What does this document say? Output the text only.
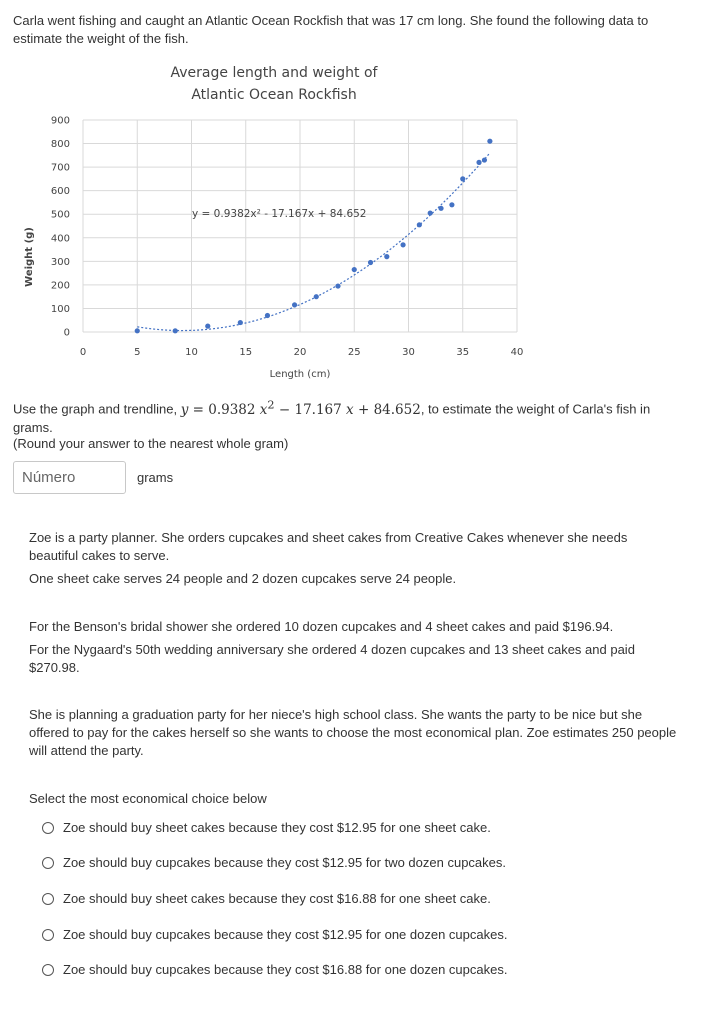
Carla went fishing and caught an Atlantic Ocean Rockfish that was 17 cm long. She found the following data to estimate the weight of the fish.
Average length and weight of
Atlantic Ocean Rockfish
0
100
200
300
400
500
600
700
800
900
0	5	10	15	20	25	30	35	40
y = 0.9382x² - 17.167x + 84.652
Length (cm)
Weight (g)
Use the graph and trendline, y = 0.9382 $x^2 - 17.167$ x + 84.652, to estimate the weight of Carla's fish in grams.
(Round your answer to the nearest whole gram)
Número
grams
Zoe is a party planner. She orders cupcakes and sheet cakes from Creative Cakes whenever she needs beautiful cakes to serve.
One sheet cake serves 24 people and 2 dozen cupcakes serve 24 people.
For the Benson's bridal shower she ordered 10 dozen cupcakes and 4 sheet cakes and paid $196.94.
For the Nygaard's 50th wedding anniversary she ordered 4 dozen cupcakes and 13 sheet cakes and paid $270.98.
She is planning a graduation party for her niece's high school class. She wants the party to be nice but she offered to pay for the cakes herself so she wants to choose the most economical plan. Zoe estimates 250 people will attend the party.
Select the most economical choice below
Zoe should buy sheet cakes because they cost $12.95 for one sheet cake.
Zoe should buy cupcakes because they cost $12.95 for two dozen cupcakes.
Zoe should buy sheet cakes because they cost $16.88 for one sheet cake.
Zoe should buy cupcakes because they cost $12.95 for one dozen cupcakes.
Zoe should buy cupcakes because they cost $16.88 for one dozen cupcakes.
